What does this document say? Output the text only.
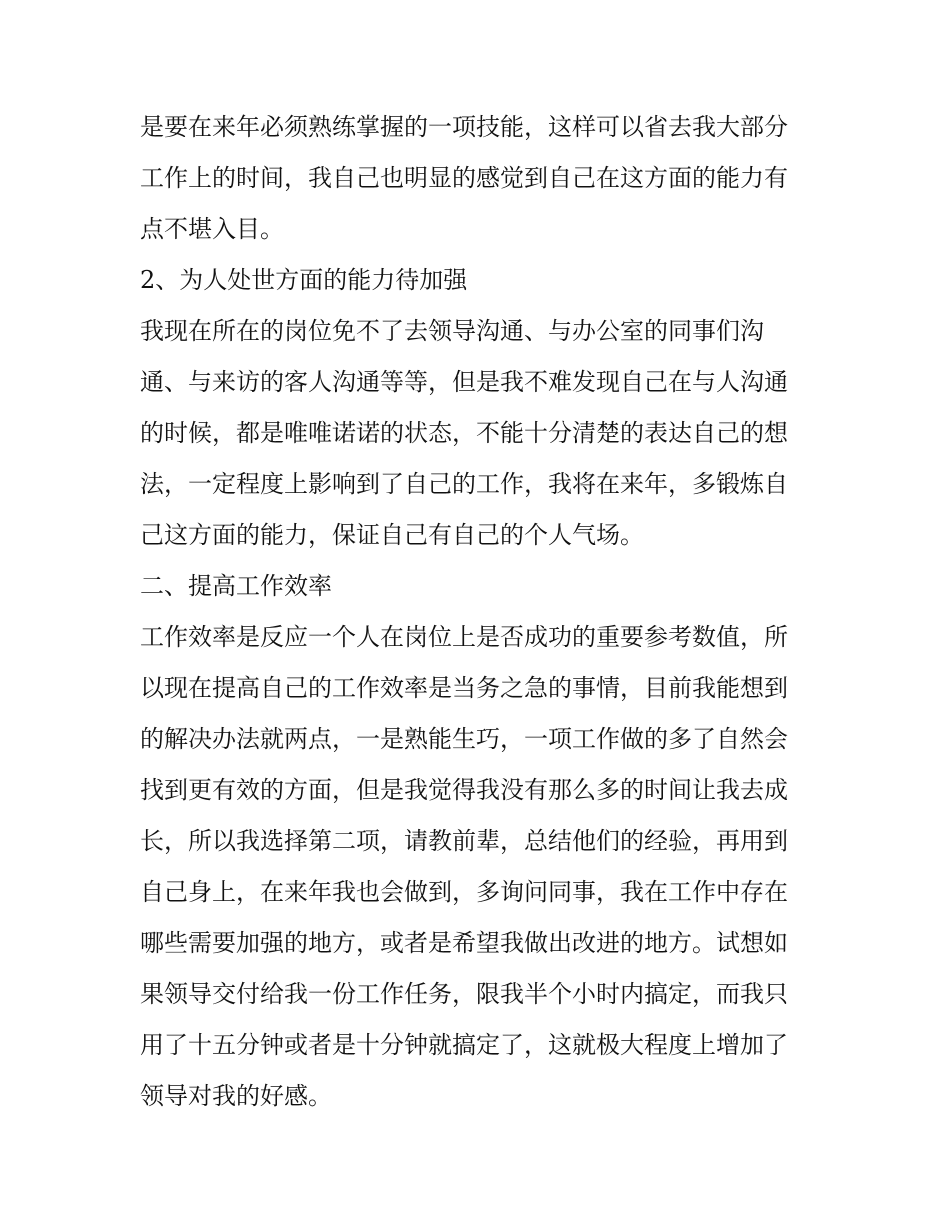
是要在来年必须熟练掌握的一项技能，这样可以省去我大部分
工作上的时间，我自己也明显的感觉到自己在这方面的能力有
点不堪入目。
2、为人处世方面的能力待加强
我现在所在的岗位免不了去领导沟通、与办公室的同事们沟
通、与来访的客人沟通等等，但是我不难发现自己在与人沟通
的时候，都是唯唯诺诺的状态，不能十分清楚的表达自己的想
法，一定程度上影响到了自己的工作，我将在来年，多锻炼自
己这方面的能力，保证自己有自己的个人气场。
二、提高工作效率
工作效率是反应一个人在岗位上是否成功的重要参考数值，所
以现在提高自己的工作效率是当务之急的事情，目前我能想到
的解决办法就两点，一是熟能生巧，一项工作做的多了自然会
找到更有效的方面，但是我觉得我没有那么多的时间让我去成
长，所以我选择第二项，请教前辈，总结他们的经验，再用到
自己身上，在来年我也会做到，多询问同事，我在工作中存在
哪些需要加强的地方，或者是希望我做出改进的地方。试想如
果领导交付给我一份工作任务，限我半个小时内搞定，而我只
用了十五分钟或者是十分钟就搞定了，这就极大程度上增加了
领导对我的好感。
